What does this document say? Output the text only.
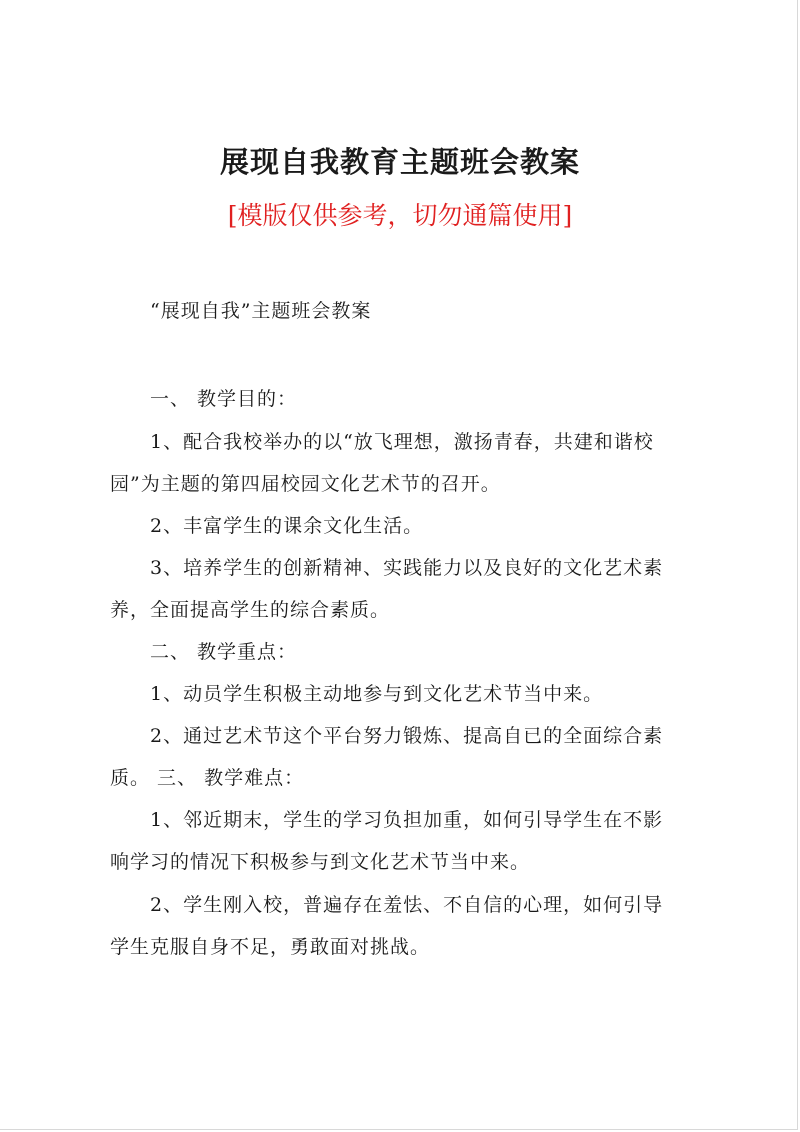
展现自我教育主题班会教案
[模版仅供参考，切勿通篇使用]
“展现自我”主题班会教案
一、 教学目的：
1、配合我校举办的以“放飞理想，激扬青春，共建和谐校
园”为主题的第四届校园文化艺术节的召开。
2、丰富学生的课余文化生活。
3、培养学生的创新精神、实践能力以及良好的文化艺术素
养，全面提高学生的综合素质。
二、 教学重点：
1、动员学生积极主动地参与到文化艺术节当中来。
2、通过艺术节这个平台努力锻炼、提高自已的全面综合素
质。 三、 教学难点：
1、邻近期末，学生的学习负担加重，如何引导学生在不影
响学习的情况下积极参与到文化艺术节当中来。
2、学生刚入校，普遍存在羞怯、不自信的心理，如何引导
学生克服自身不足，勇敢面对挑战。
